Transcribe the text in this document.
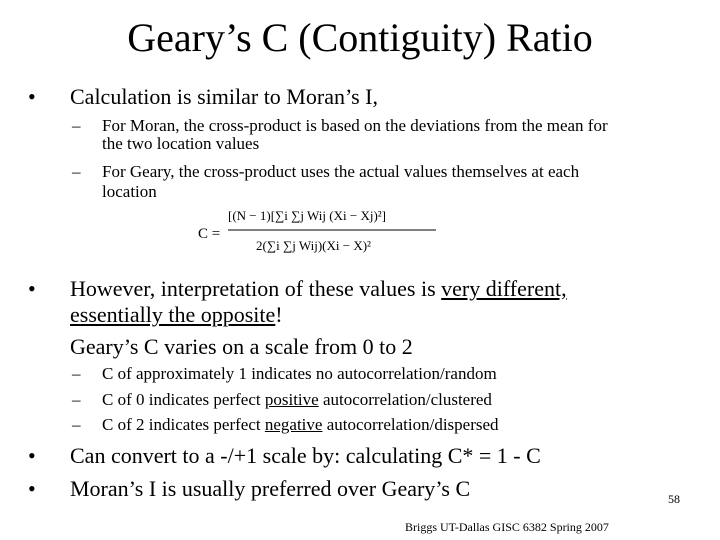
Geary’s C (Contiguity) Ratio
• Calculation is similar to Moran’s I,
– For Moran, the cross-product is based on the deviations from the mean for
the two location values
– For Geary, the cross-product uses the actual values themselves at each
location
C =
[(N − 1)[∑i ∑j Wij (Xi − Xj)²]
2(∑i ∑j Wij)(Xi − X)²
• However, interpretation of these values is very different,
essentially the opposite!
Geary’s C varies on a scale from 0 to 2
– C of approximately 1 indicates no autocorrelation/random
– C of 0 indicates perfect positive autocorrelation/clustered
– C of 2 indicates perfect negative autocorrelation/dispersed
• Can convert to a -/+1 scale by: calculating C* = 1 - C
• Moran’s I is usually preferred over Geary’s C	58
Briggs UT-Dallas GISC 6382 Spring 2007
